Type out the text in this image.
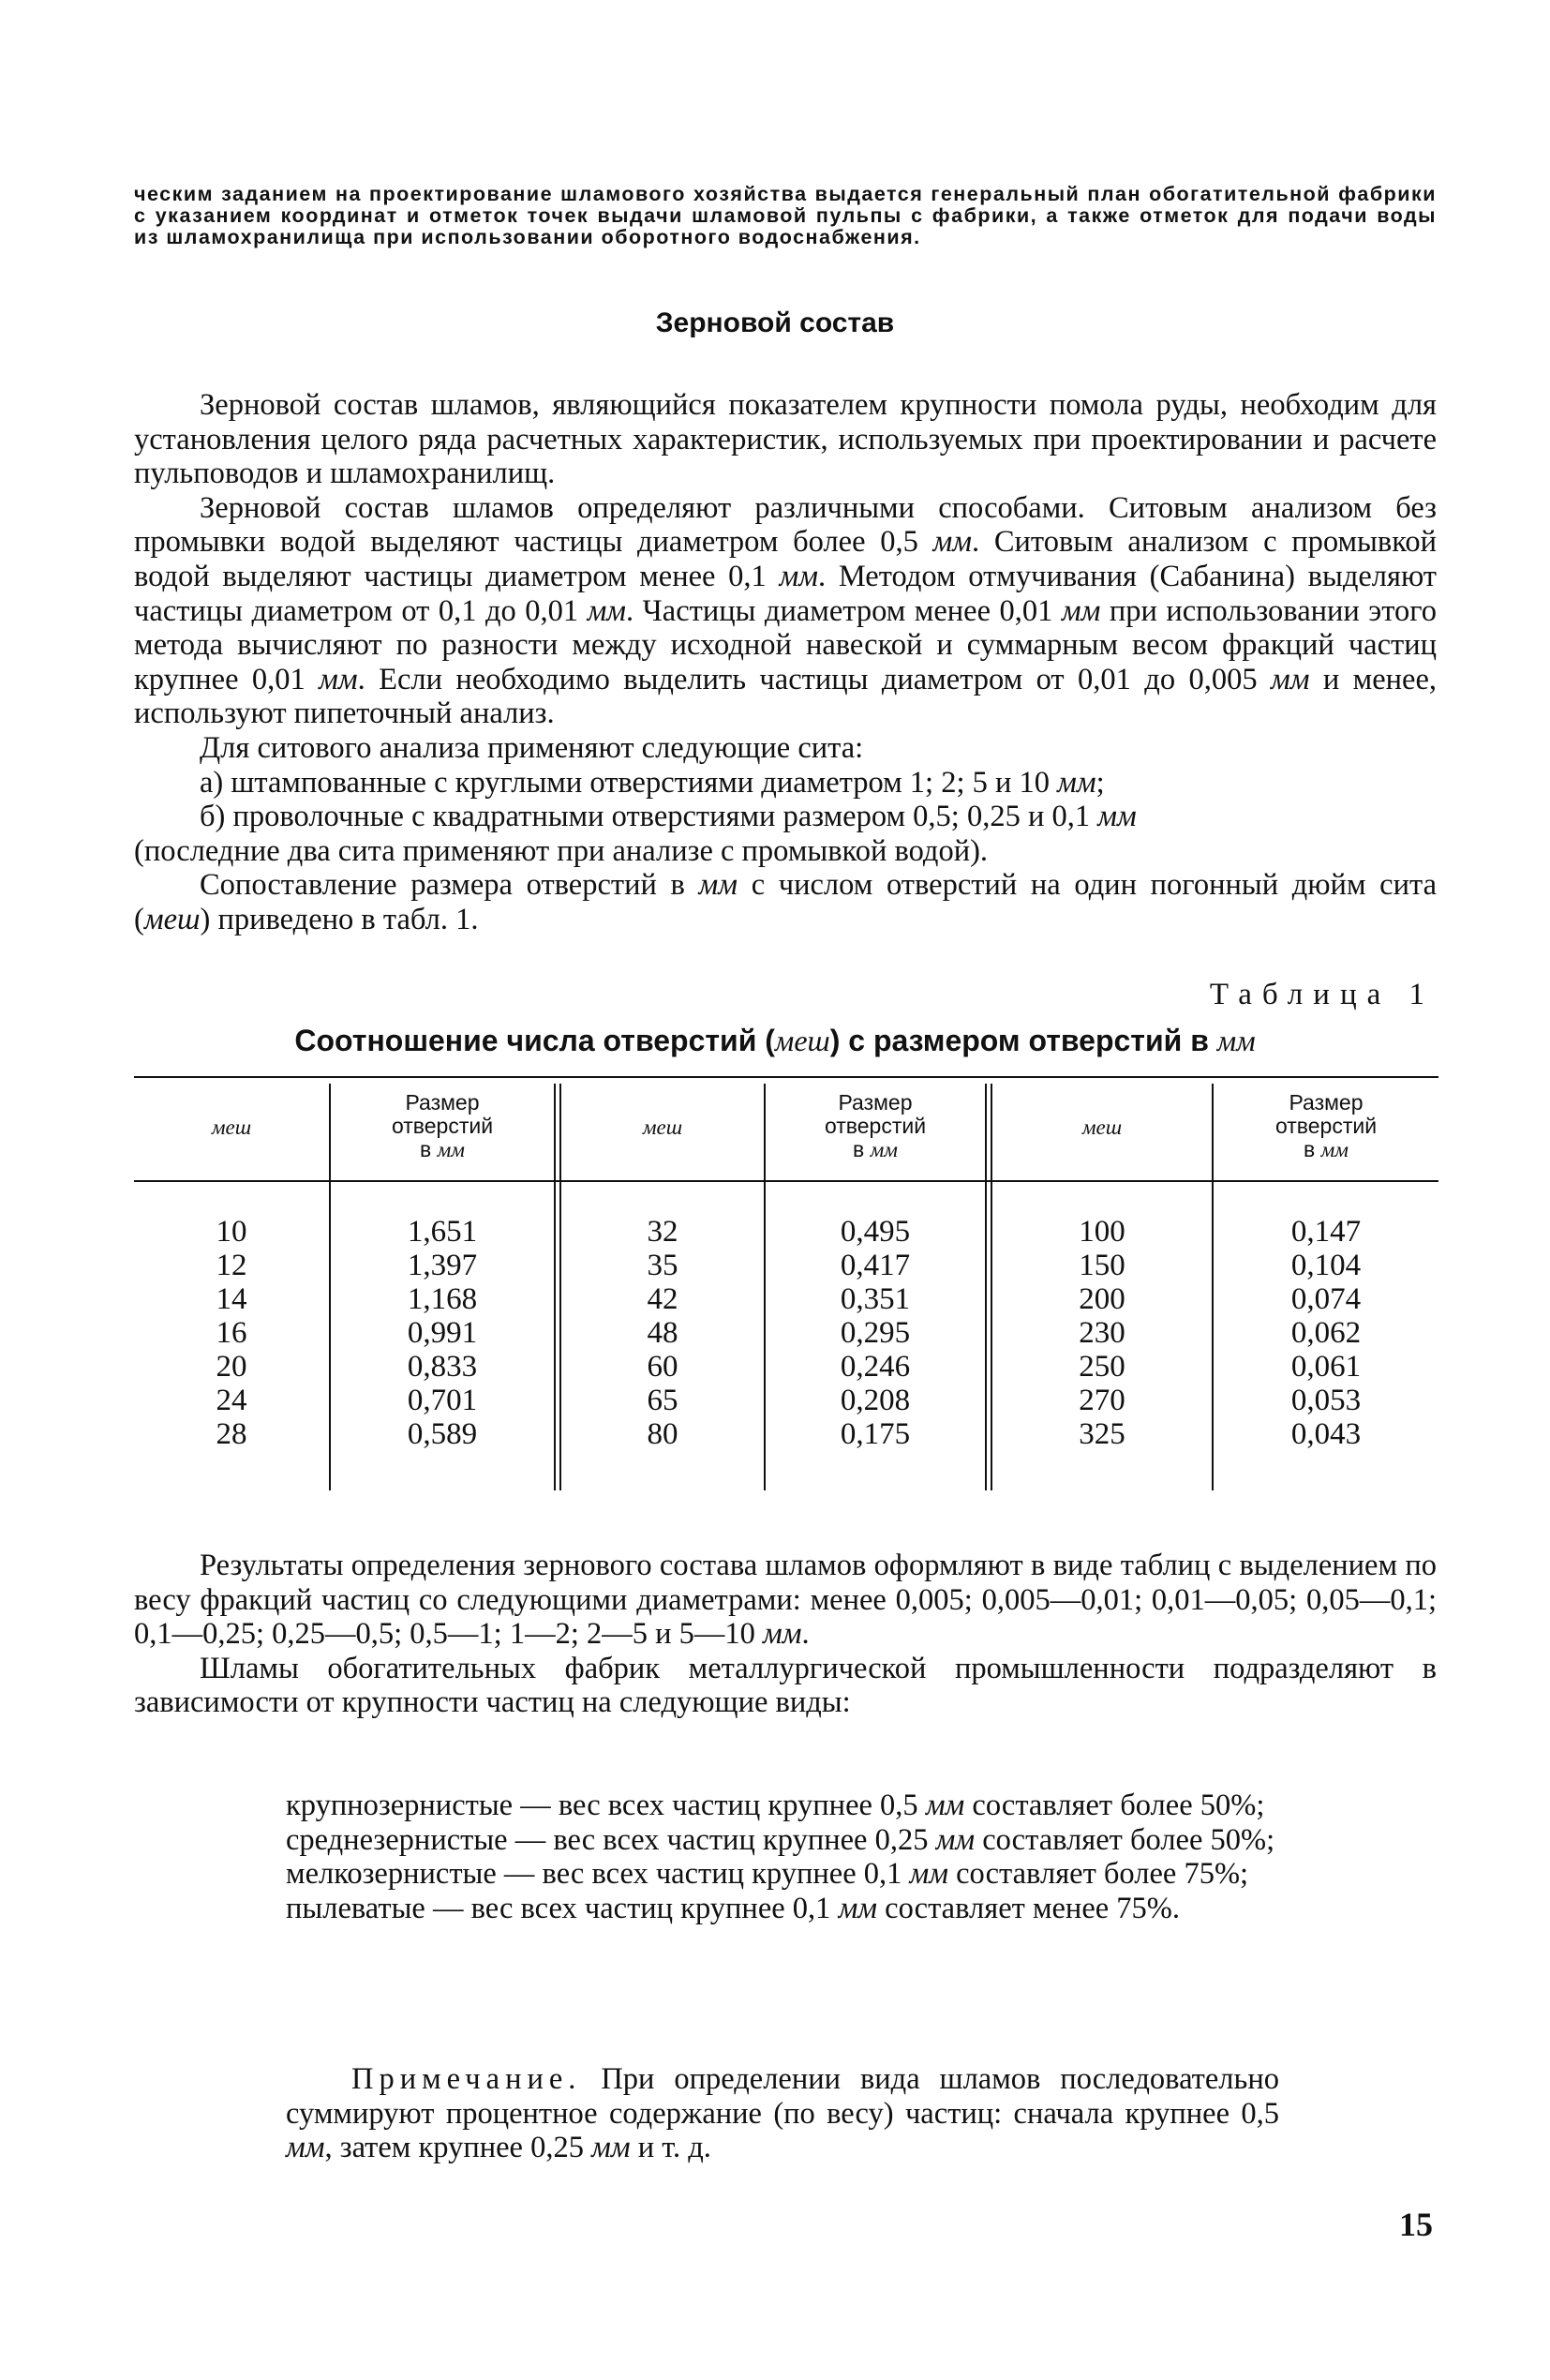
ческим заданием на проектирование шламового хозяйства выдается генеральный план обогатительной фабрики с указанием координат и отметок точек выдачи шламовой пульпы с фабрики, а также отметок для подачи воды из шламохранилища при использовании оборотного водоснабжения.

Зерновой состав

Зерновой состав шламов, являющийся показателем крупности помола руды, необходим для установления целого ряда расчетных характеристик, используемых при проектировании и расчете пульповодов и шламохранилищ.

Зерновой состав шламов определяют различными способами. Ситовым анализом без промывки водой выделяют частицы диаметром более 0,5 мм. Ситовым анализом с промывкой водой выделяют частицы диаметром менее 0,1 мм. Методом отмучивания (Сабанина) выделяют частицы диаметром от 0,1 до 0,01 мм. Частицы диаметром менее 0,01 мм при использовании этого метода вычисляют по разности между исходной навеской и суммарным весом фракций частиц крупнее 0,01 мм. Если необходимо выделить частицы диаметром от 0,01 до 0,005 мм и менее, используют пипеточный анализ.

Для ситового анализа применяют следующие сита:

а) штампованные с круглыми отверстиями диаметром 1; 2; 5 и 10 мм;

б) проволочные с квадратными отверстиями размером 0,5; 0,25 и 0,1 мм

(последние два сита применяют при анализе с промывкой водой).

Сопоставление размера отверстий в мм с числом отверстий на один погонный дюйм сита (меш) приведено в табл. 1.

Таблица 1

Соотношение числа отверстий (меш) с размером отверстий в мм

меш
Размер
отверстий
в мм
меш
Размер
отверстий
в мм
меш
Размер
отверстий
в мм
10
12
14
16
20
24
28
1,651
1,397
1,168
0,991
0,833
0,701
0,589
32
35
42
48
60
65
80
0,495
0,417
0,351
0,295
0,246
0,208
0,175
100
150
200
230
250
270
325
0,147
0,104
0,074
0,062
0,061
0,053
0,043

Результаты определения зернового состава шламов оформляют в виде таблиц с выделением по весу фракций частиц со следующими диаметрами: менее 0,005; 0,005—0,01; 0,01—0,05; 0,05—0,1; 0,1—0,25; 0,25—0,5; 0,5—1; 1—2; 2—5 и 5—10 мм.

Шламы обогатительных фабрик металлургической промышленности подразделяют в зависимости от крупности частиц на следующие виды:

крупнозернистые — вес всех частиц крупнее 0,5 мм составляет более 50%;

среднезернистые — вес всех частиц крупнее 0,25 мм составляет более 50%;

мелкозернистые — вес всех частиц крупнее 0,1 мм составляет более 75%;

пылеватые — вес всех частиц крупнее 0,1 мм составляет менее 75%.

Примечание. При определении вида шламов последовательно суммируют процентное содержание (по весу) частиц: сначала крупнее 0,5 мм, затем крупнее 0,25 мм и т. д.

15
